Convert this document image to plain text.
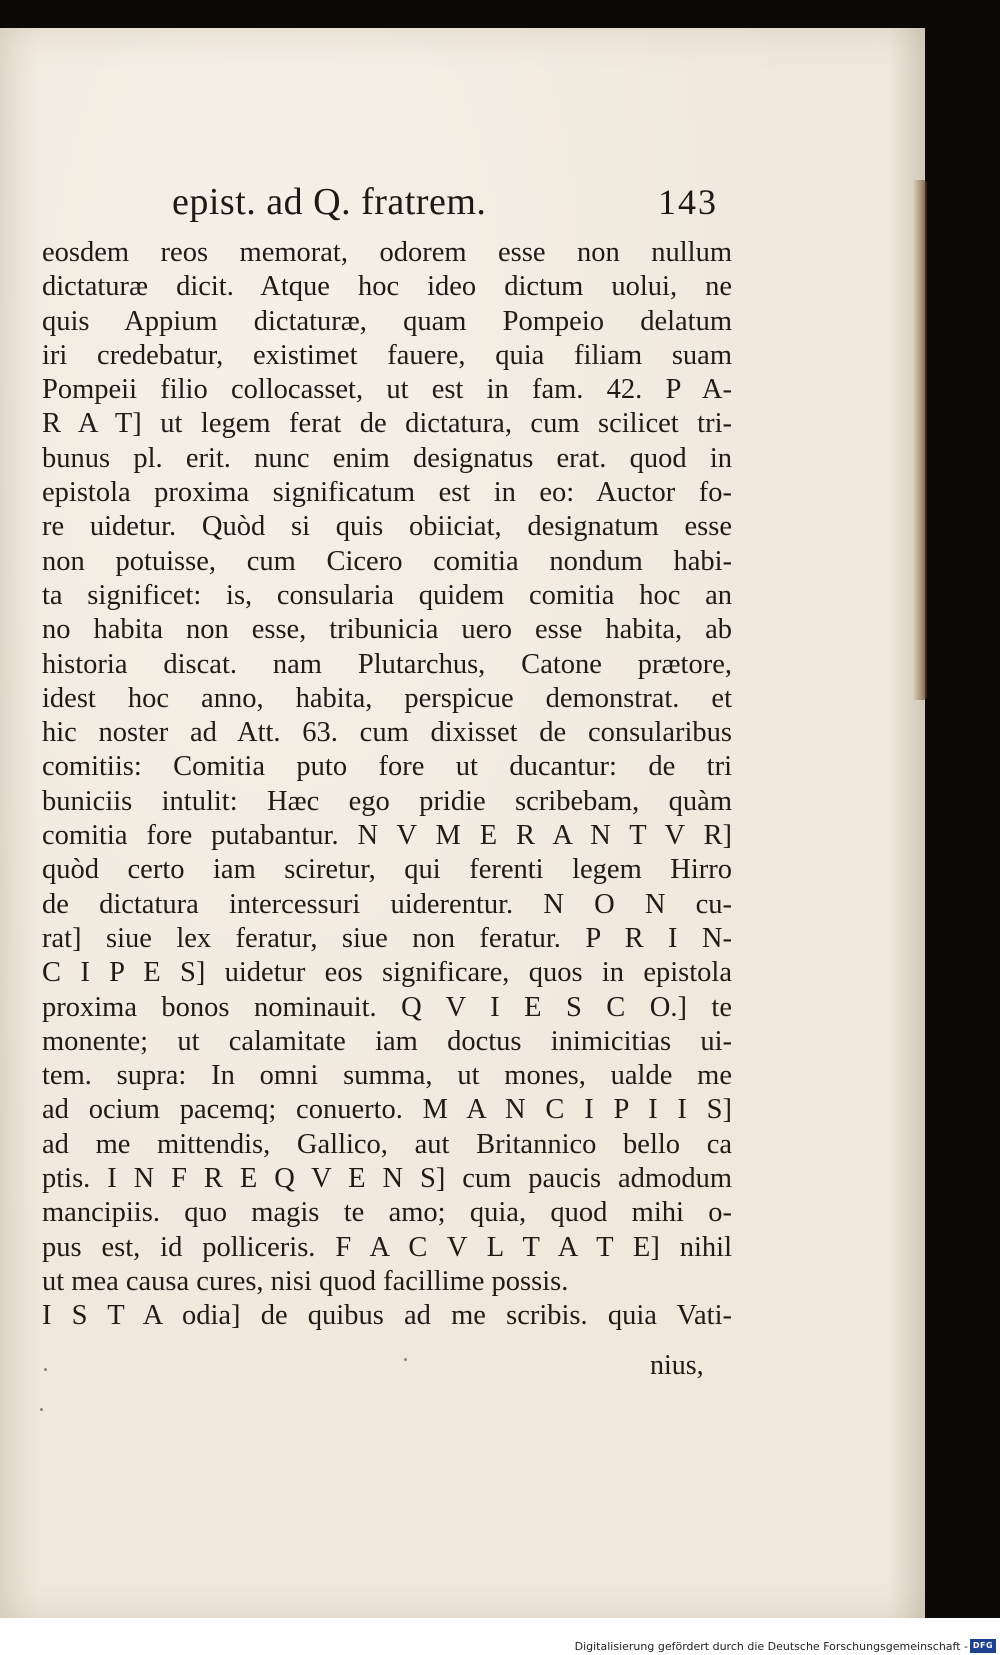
epist. ad Q. fratrem.	143
eosdem reos memorat, odorem esse non nullum
dictaturæ dicit. Atque hoc ideo dictum uolui, ne
quis Appium dictaturæ, quam Pompeio delatum
iri credebatur, existimet fauere, quia filiam suam
Pompeii filio collocasset, ut est in fam. 42. P A-
R A T] ut legem ferat de dictatura, cum scilicet tri-
bunus pl. erit. nunc enim designatus erat. quod in
epistola proxima significatum est in eo: Auctor fo-
re uidetur. Quòd si quis obiiciat, designatum esse
non potuisse, cum Cicero comitia nondum habi-
ta significet: is, consularia quidem comitia hoc an
no habita non esse, tribunicia uero esse habita, ab
historia discat. nam Plutarchus, Catone prætore,
idest hoc anno, habita, perspicue demonstrat. et
hic noster ad Att. 63. cum dixisset de consularibus
comitiis: Comitia puto fore ut ducantur: de tri
buniciis intulit: Hæc ego pridie scribebam, quàm
comitia fore putabantur. N V M E R A N T V R]
quòd certo iam sciretur, qui ferenti legem Hirro
de dictatura intercessuri uiderentur. N O N cu-
rat] siue lex feratur, siue non feratur. P R I N-
C I P E S] uidetur eos significare, quos in epistola
proxima bonos nominauit. Q V I E S C O.] te
monente; ut calamitate iam doctus inimicitias ui-
tem. supra: In omni summa, ut mones, ualde me
ad ocium pacemq; conuerto. M A N C I P I I S]
ad me mittendis, Gallico, aut Britannico bello ca
ptis. I N F R E Q V E N S] cum paucis admodum
mancipiis. quo magis te amo; quia, quod mihi o-
pus est, id polliceris. F A C V L T A T E] nihil
ut mea causa cures, nisi quod facillime possis.
I S T A odia] de quibus ad me scribis. quia Vati-
nius,
Digitalisierung gefördert durch die Deutsche Forschungsgemeinschaft - DFG
